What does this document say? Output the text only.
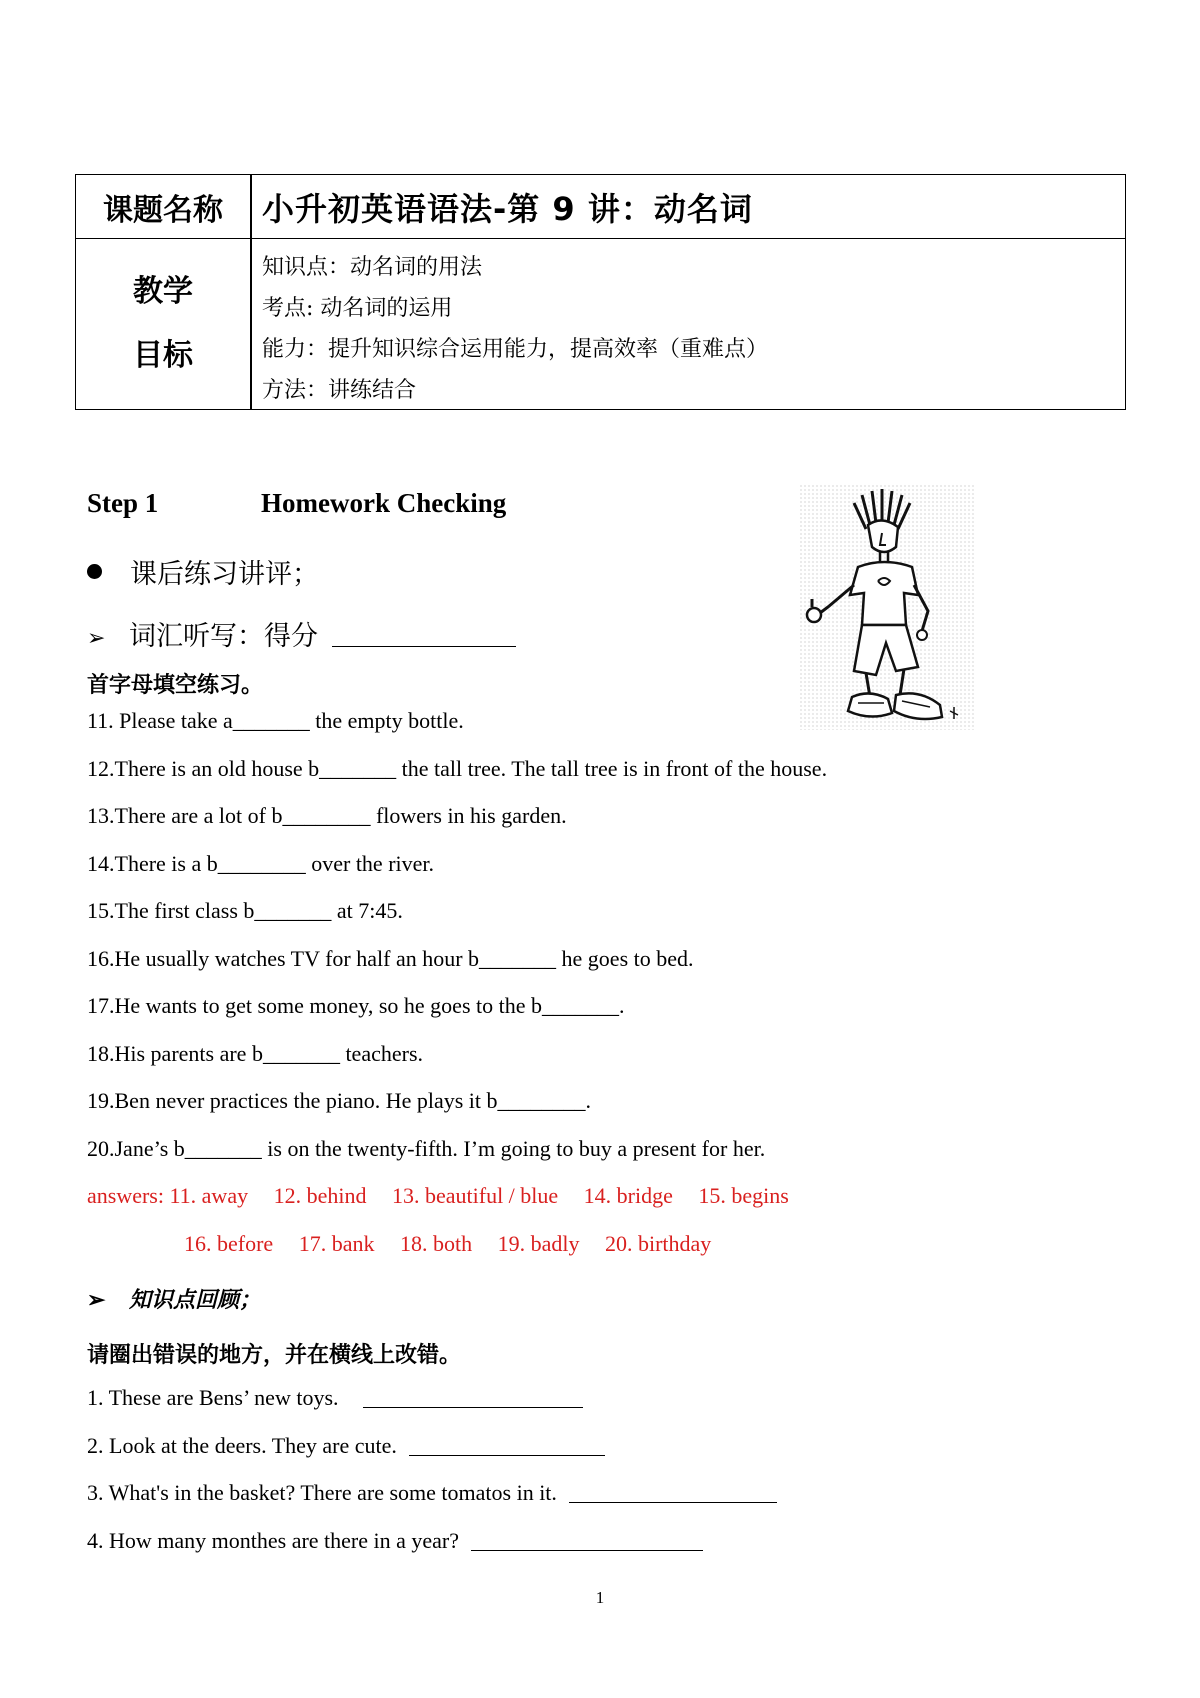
课题名称	小升初英语语法-第 9 讲：动名词
教学
目标
知识点：动名词的用法
考点: 动名词的运用
能力：提升知识综合运用能力，提高效率（重难点）
方法：讲练结合
Step 1	Homework Checking
课后练习讲评；
➢ 词汇听写：得分
首字母填空练习。
11. Please take a_______ the empty bottle.
12.There is an old house b_______ the tall tree. The tall tree is in front of the house.
13.There are a lot of b________ flowers in his garden.
14.There is a b________ over the river.
15.The first class b_______ at 7:45.
16.He usually watches TV for half an hour b_______ he goes to bed.
17.He wants to get some money, so he goes to the b_______.
18.His parents are b_______ teachers.
19.Ben never practices the piano. He plays it b________.
20.Jane’s b_______ is on the twenty-fifth. I’m going to buy a present for her.
answers: 11. away 12. behind 13. beautiful / blue 14. bridge 15. begins
16. before 17. bank 18. both 19. badly 20. birthday
➢ 知识点回顾；
请圈出错误的地方，并在横线上改错。
1. These are Bens’ new toys.
2. Look at the deers. They are cute.
3. What's in the basket? There are some tomatos in it.
4. How many monthes are there in a year?
1
